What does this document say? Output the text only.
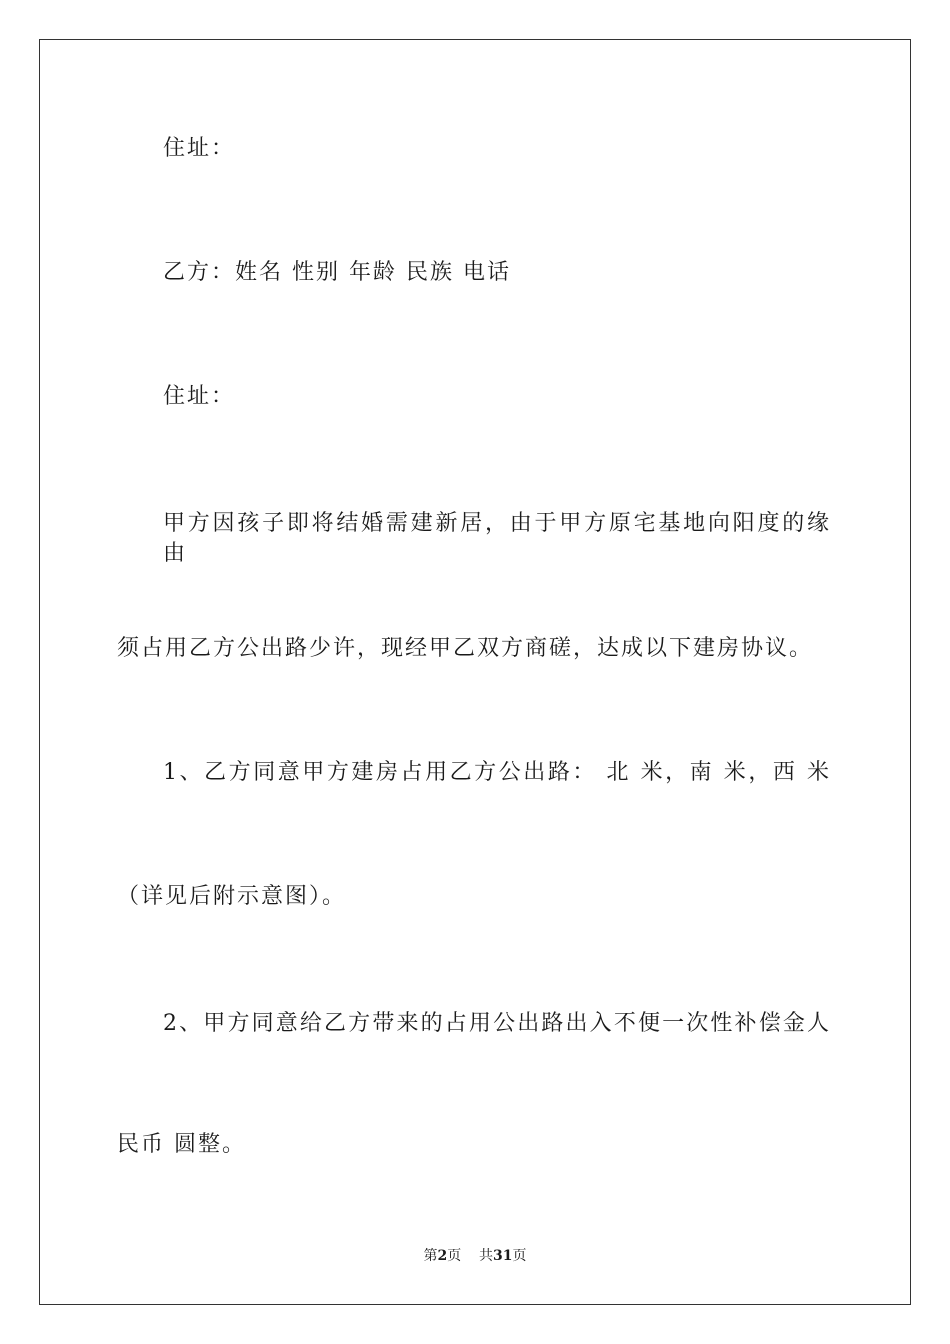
住址：
乙方：姓名 性别 年龄 民族 电话
住址：
甲方因孩子即将结婚需建新居，由于甲方原宅基地向阳度的缘由
须占用乙方公出路少许，现经甲乙双方商磋，达成以下建房协议。
1、乙方同意甲方建房占用乙方公出路： 北 米，南 米，西 米
（详见后附示意图）。
2、甲方同意给乙方带来的占用公出路出入不便一次性补偿金人
民币 圆整。
第2页 共31页
